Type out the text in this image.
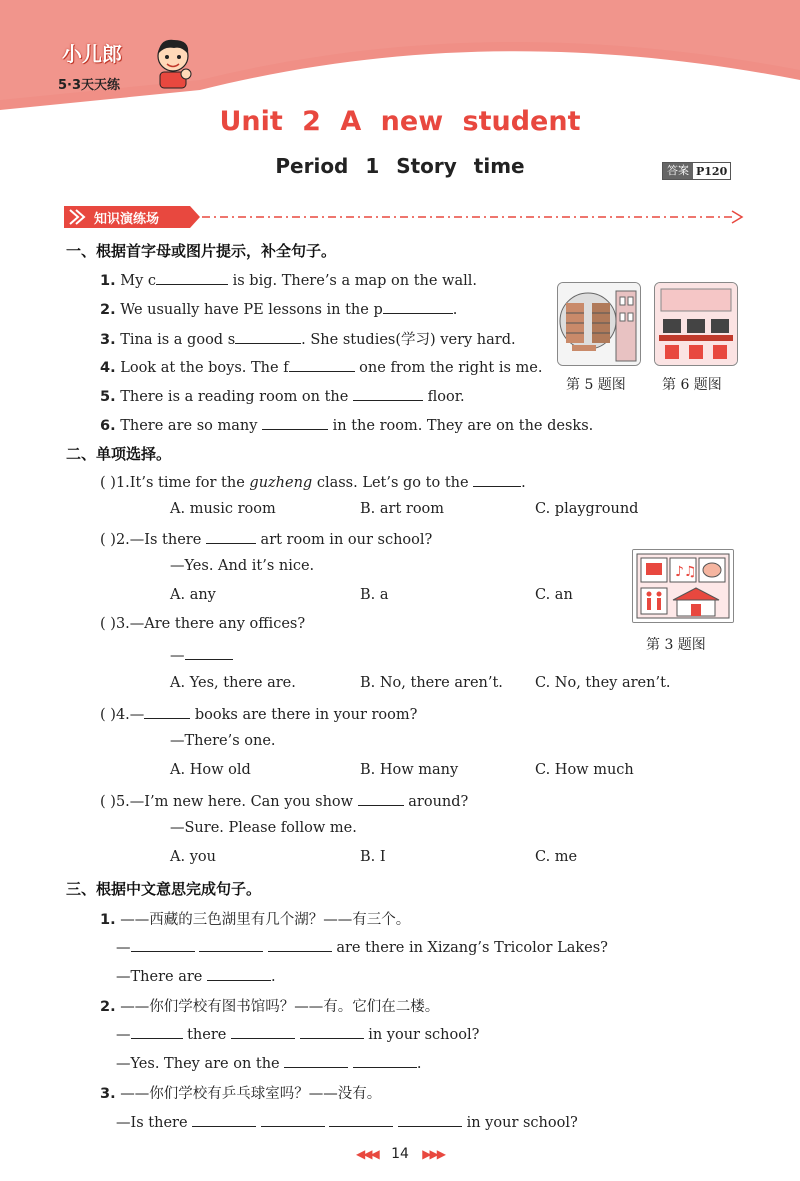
小儿郎
5·3天天练
Unit 2 A new student
Period 1 Story time	答案 P120
知识演练场
一、根据首字母或图片提示，补全句子。
1. My c	is big. There’s a map on the wall.
2. We usually have PE lessons in the p	.
3. Tina is a good s	. She studies(学习) very hard.
4. Look at the boys. The f	one from the right is me.
5. There is a reading room on the	floor.
6. There are so many	in the room. They are on the desks.
第 5 题图	第 6 题图
二、单项选择。
( )1.It’s time for the guzheng class. Let’s go to the	.
A. music room	B. art room	C. playground
( )2.—Is there	art room in our school?
—Yes. And it’s nice.
A. any	B. a	C. an
♪♫
第 3 题图
( )3.—Are there any offices?
—
A. Yes, there are.	B. No, there aren’t. C. No, they aren’t.
( )4.—	books are there in your room?
—There’s one.
A. How old	B. How many	C. How much
( )5.—I’m new here. Can you show	around?
—Sure. Please follow me.
A. you	B. I	C. me
三、根据中文意思完成句子。
1. ——西藏的三色湖里有几个湖？——有三个。
—	are there in Xizang’s Tricolor Lakes?
—There are	.
2. ——你们学校有图书馆吗？——有。它们在二楼。
—	there	in your school?
—Yes. They are on the	.
3. ——你们学校有乒乓球室吗？——没有。
—Is there	in your school?
◀◀◀ 14 ▶▶▶
